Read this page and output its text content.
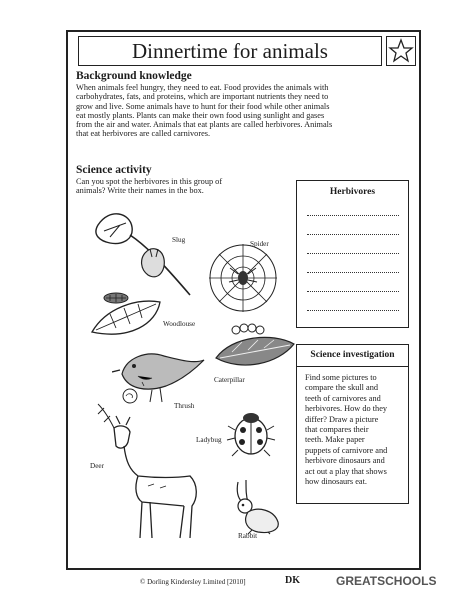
Dinnertime for animals
Background knowledge
When animals feel hungry, they need to eat. Food provides the animals with
carbohydrates, fats, and proteins, which are important nutrients they need to
grow and live. Some animals have to hunt for their food while other animals
eat mostly plants. Plants can make their own food using sunlight and gases
from the air and water. Animals that eat plants are called herbivores. Animals
that eat herbivores are called carnivores.
Science activity
Can you spot the herbivores in this group of
animals? Write their names in the box.	Herbivores
Science investigation
Find some pictures to
compare the skull and
teeth of carnivores and
herbivores. How do they
differ? Draw a picture
that compares their
teeth. Make paper
puppets of carnivore and
herbivore dinosaurs and
act out a play that shows
how dinosaurs eat.
Slug	Spider
Woodlouse
Caterpillar
Thrush
Ladybug
Deer
Rabbit
© Dorling Kindersley Limited [2010]	DK	GREATSCHOOLS
